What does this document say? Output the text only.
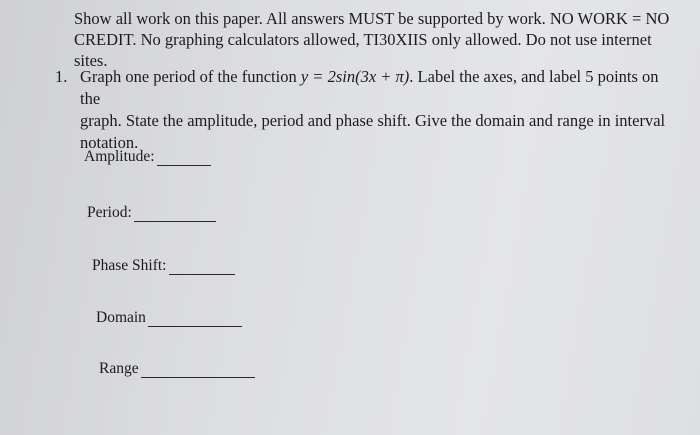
Show all work on this paper. All answers MUST be supported by work. NO WORK = NO
CREDIT. No graphing calculators allowed, TI30XIIS only allowed. Do not use internet sites.
1. Graph one period of the function y = 2sin(3x + π). Label the axes, and label 5 points on the
graph. State the amplitude, period and phase shift. Give the domain and range in interval
notation.
Amplitude:
Period:
Phase Shift:
Domain
Range
